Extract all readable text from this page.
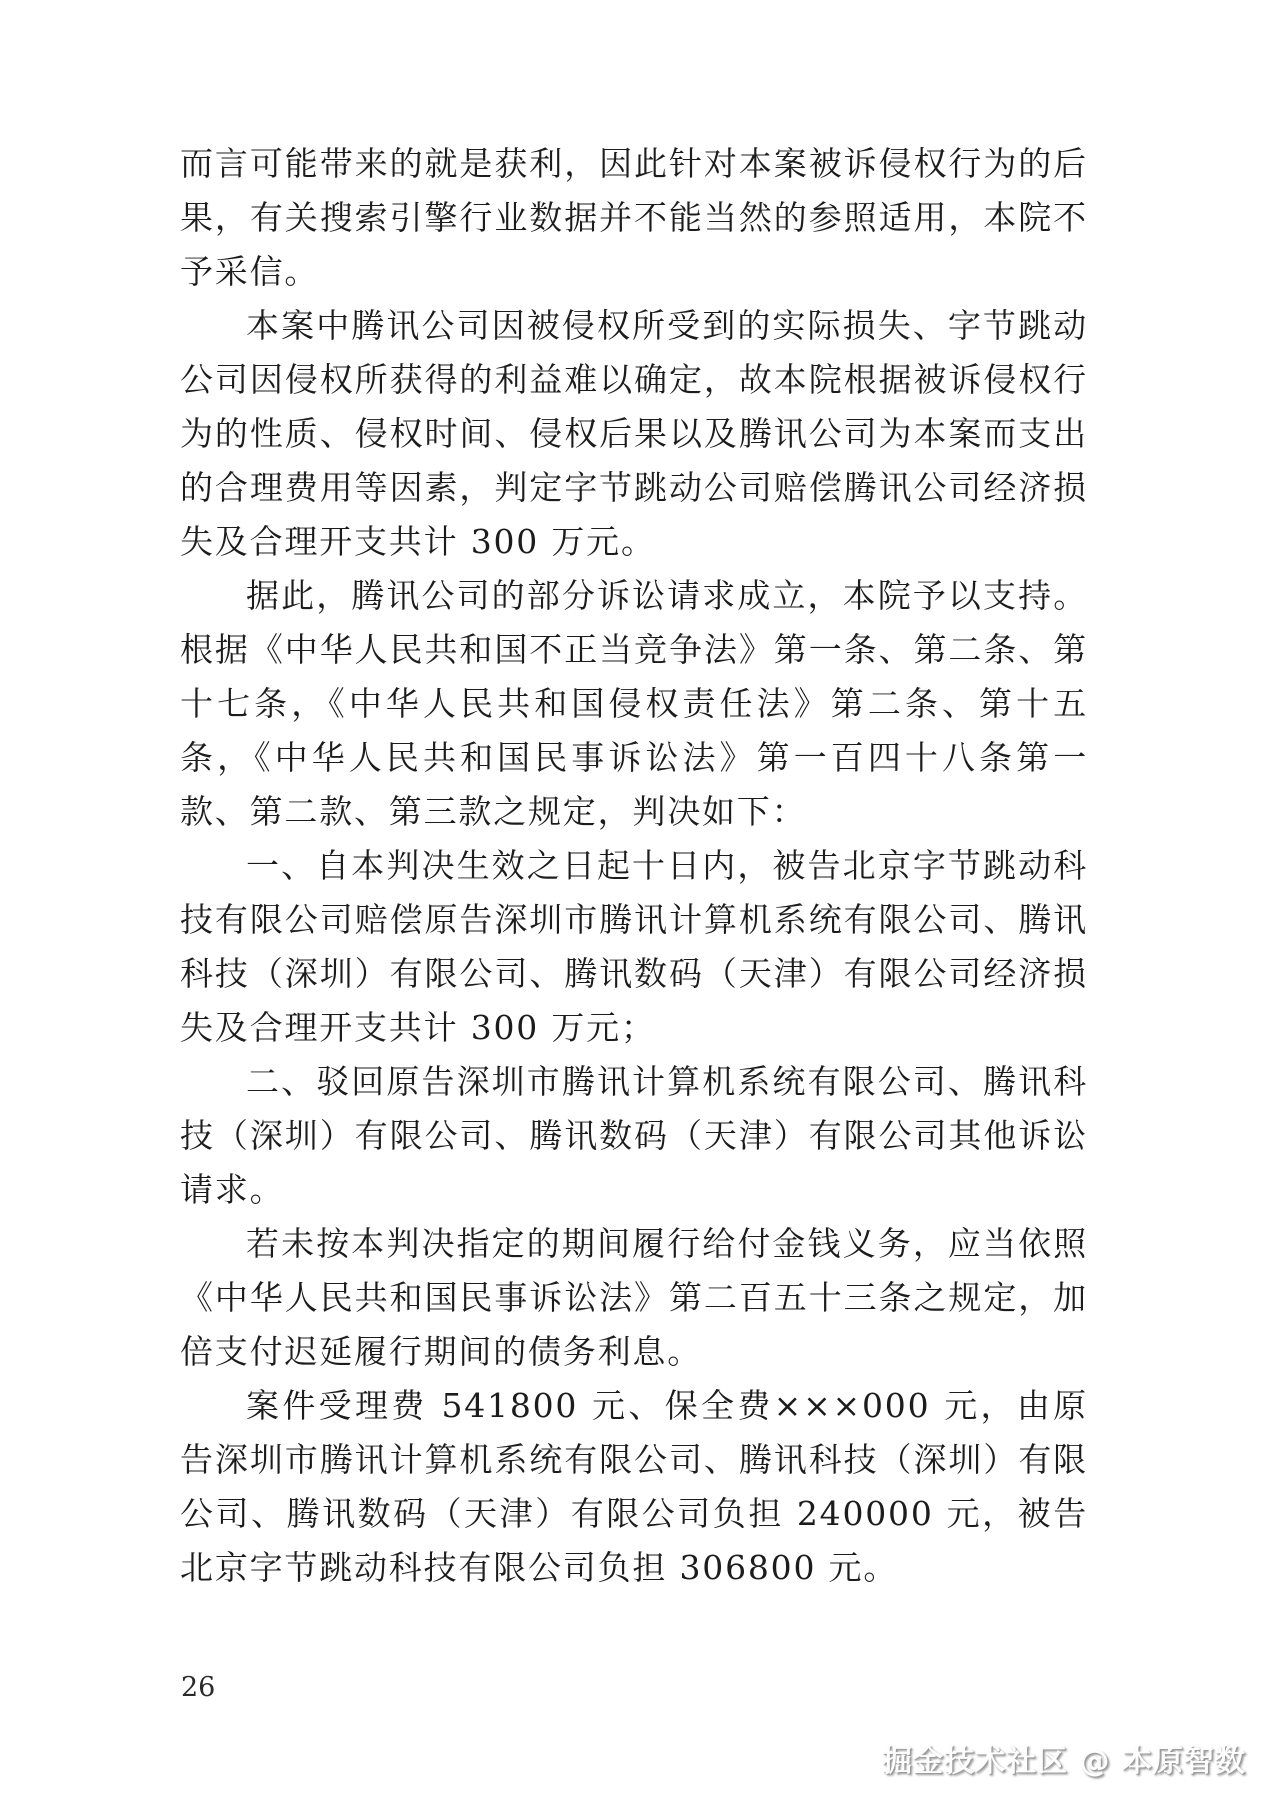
而言可能带来的就是获利，因此针对本案被诉侵权行为的后果，有关搜索引擎行业数据并不能当然的参照适用，本院不予采信。

本案中腾讯公司因被侵权所受到的实际损失、字节跳动公司因侵权所获得的利益难以确定，故本院根据被诉侵权行为的性质、侵权时间、侵权后果以及腾讯公司为本案而支出的合理费用等因素，判定字节跳动公司赔偿腾讯公司经济损失及合理开支共计 300 万元。

据此，腾讯公司的部分诉讼请求成立，本院予以支持。根据《中华人民共和国不正当竞争法》第一条、第二条、第十七条，《中华人民共和国侵权责任法》第二条、第十五条，《中华人民共和国民事诉讼法》第一百四十八条第一款、第二款、第三款之规定，判决如下：

一、自本判决生效之日起十日内，被告北京字节跳动科技有限公司赔偿原告深圳市腾讯计算机系统有限公司、腾讯科技（深圳）有限公司、腾讯数码（天津）有限公司经济损失及合理开支共计 300 万元；

二、驳回原告深圳市腾讯计算机系统有限公司、腾讯科技（深圳）有限公司、腾讯数码（天津）有限公司其他诉讼请求。

若未按本判决指定的期间履行给付金钱义务，应当依照《中华人民共和国民事诉讼法》第二百五十三条之规定，加倍支付迟延履行期间的债务利息。

案件受理费 541800 元、保全费×××000 元，由原告深圳市腾讯计算机系统有限公司、腾讯科技（深圳）有限公司、腾讯数码（天津）有限公司负担 240000 元，被告北京字节跳动科技有限公司负担 306800 元。

26
掘金技术社区 @ 本原智数
